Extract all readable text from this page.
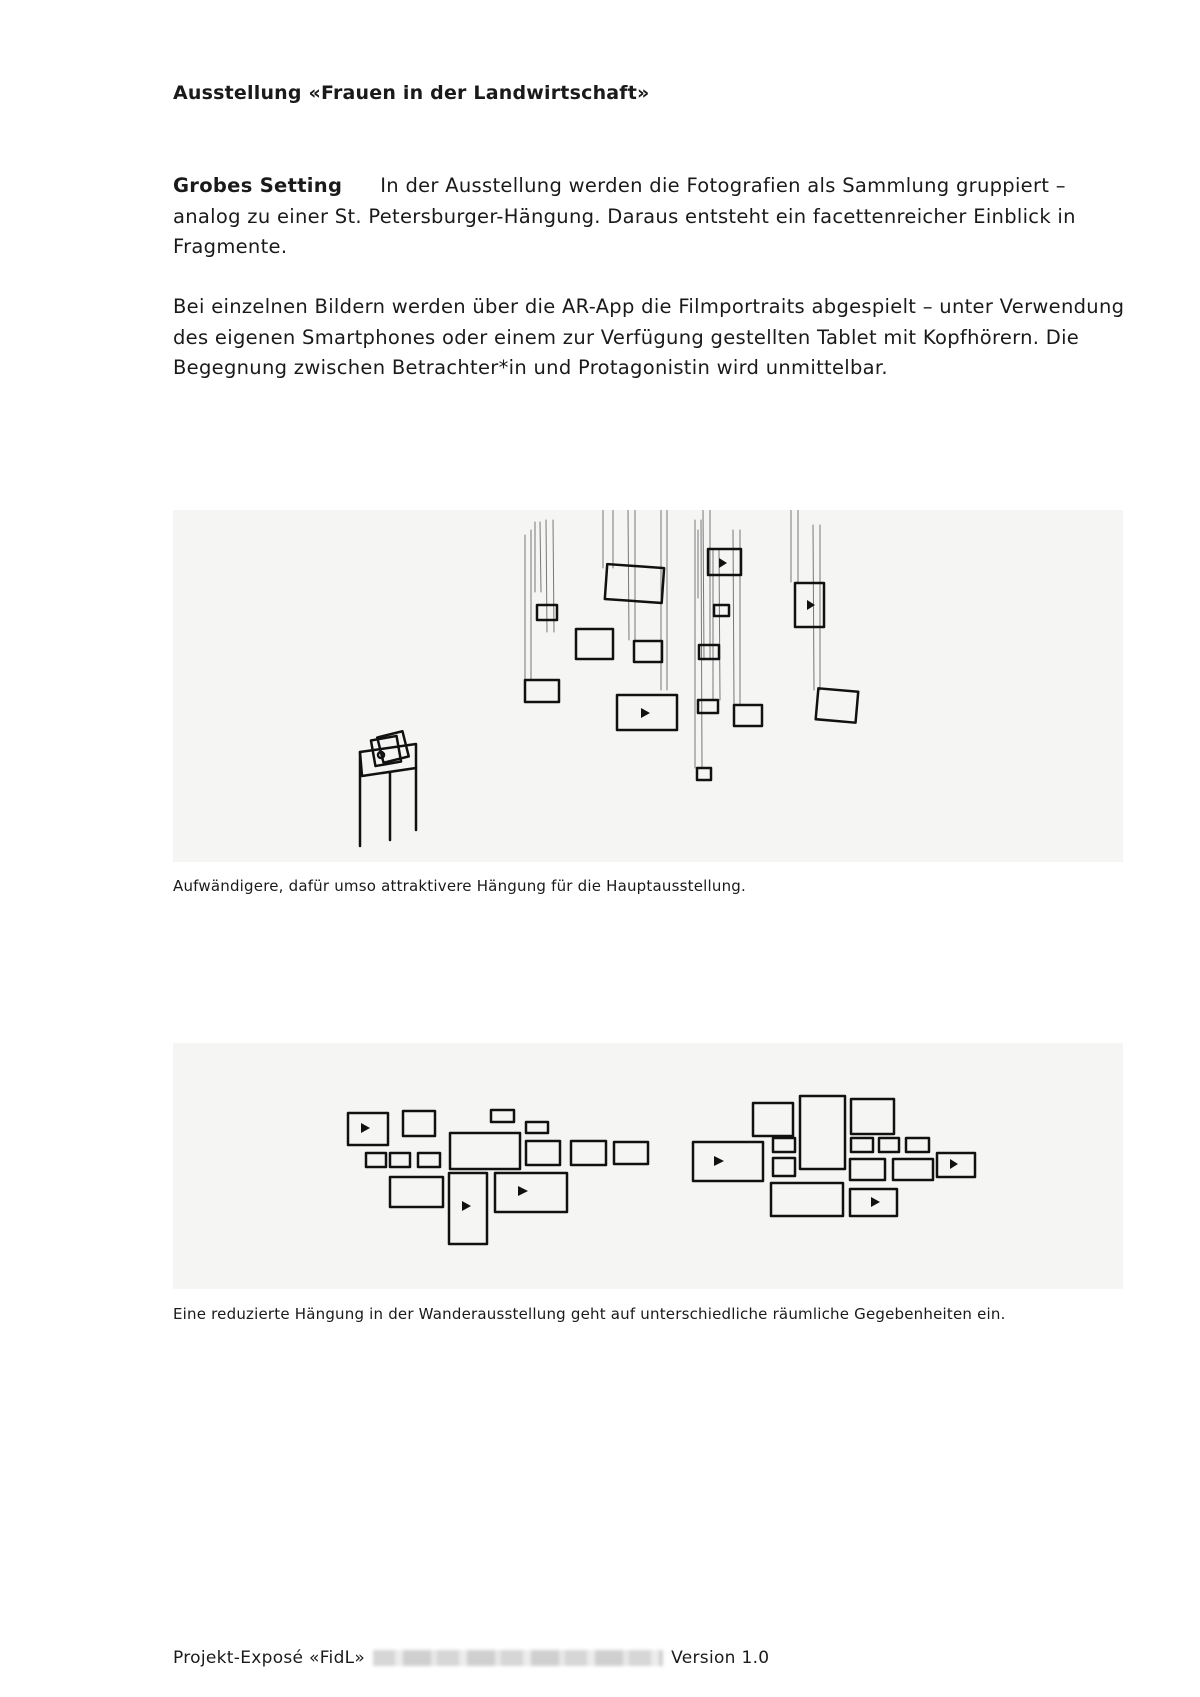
Ausstellung «Frauen in der Landwirtschaft»
Grobes Setting In der Ausstellung werden die Fotografien als Sammlung gruppiert – analog zu einer St. Petersburger-Hängung. Daraus entsteht ein facettenreicher Einblick in Fragmente.
Bei einzelnen Bildern werden über die AR-App die Filmportraits abgespielt – unter Verwendung des eigenen Smartphones oder einem zur Verfügung gestellten Tablet mit Kopfhörern. Die Begegnung zwischen Betrachter*in und Protagonistin wird unmittelbar.
Aufwändigere, dafür umso attraktivere Hängung für die Hauptausstellung.
Eine reduzierte Hängung in der Wanderausstellung geht auf unterschiedliche räumliche Gegebenheiten ein.
Projekt-Exposé «FidL»	Version 1.0
